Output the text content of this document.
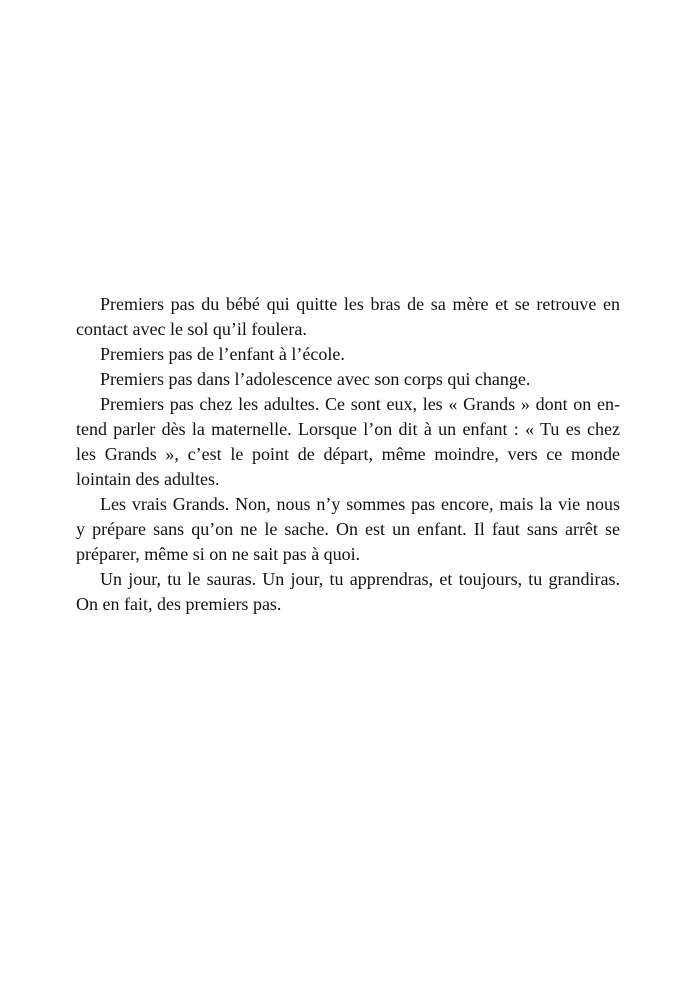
Premiers pas du bébé qui quitte les bras de sa mère et se retrouve en
contact avec le sol qu’il foulera.
Premiers pas de l’enfant à l’école.
Premiers pas dans l’adolescence avec son corps qui change.
Premiers pas chez les adultes. Ce sont eux, les « Grands » dont on en-
tend parler dès la maternelle. Lorsque l’on dit à un enfant : « Tu es chez
les Grands », c’est le point de départ, même moindre, vers ce monde
lointain des adultes.
Les vrais Grands. Non, nous n’y sommes pas encore, mais la vie nous
y prépare sans qu’on ne le sache. On est un enfant. Il faut sans arrêt se
préparer, même si on ne sait pas à quoi.
Un jour, tu le sauras. Un jour, tu apprendras, et toujours, tu grandiras.
On en fait, des premiers pas.
